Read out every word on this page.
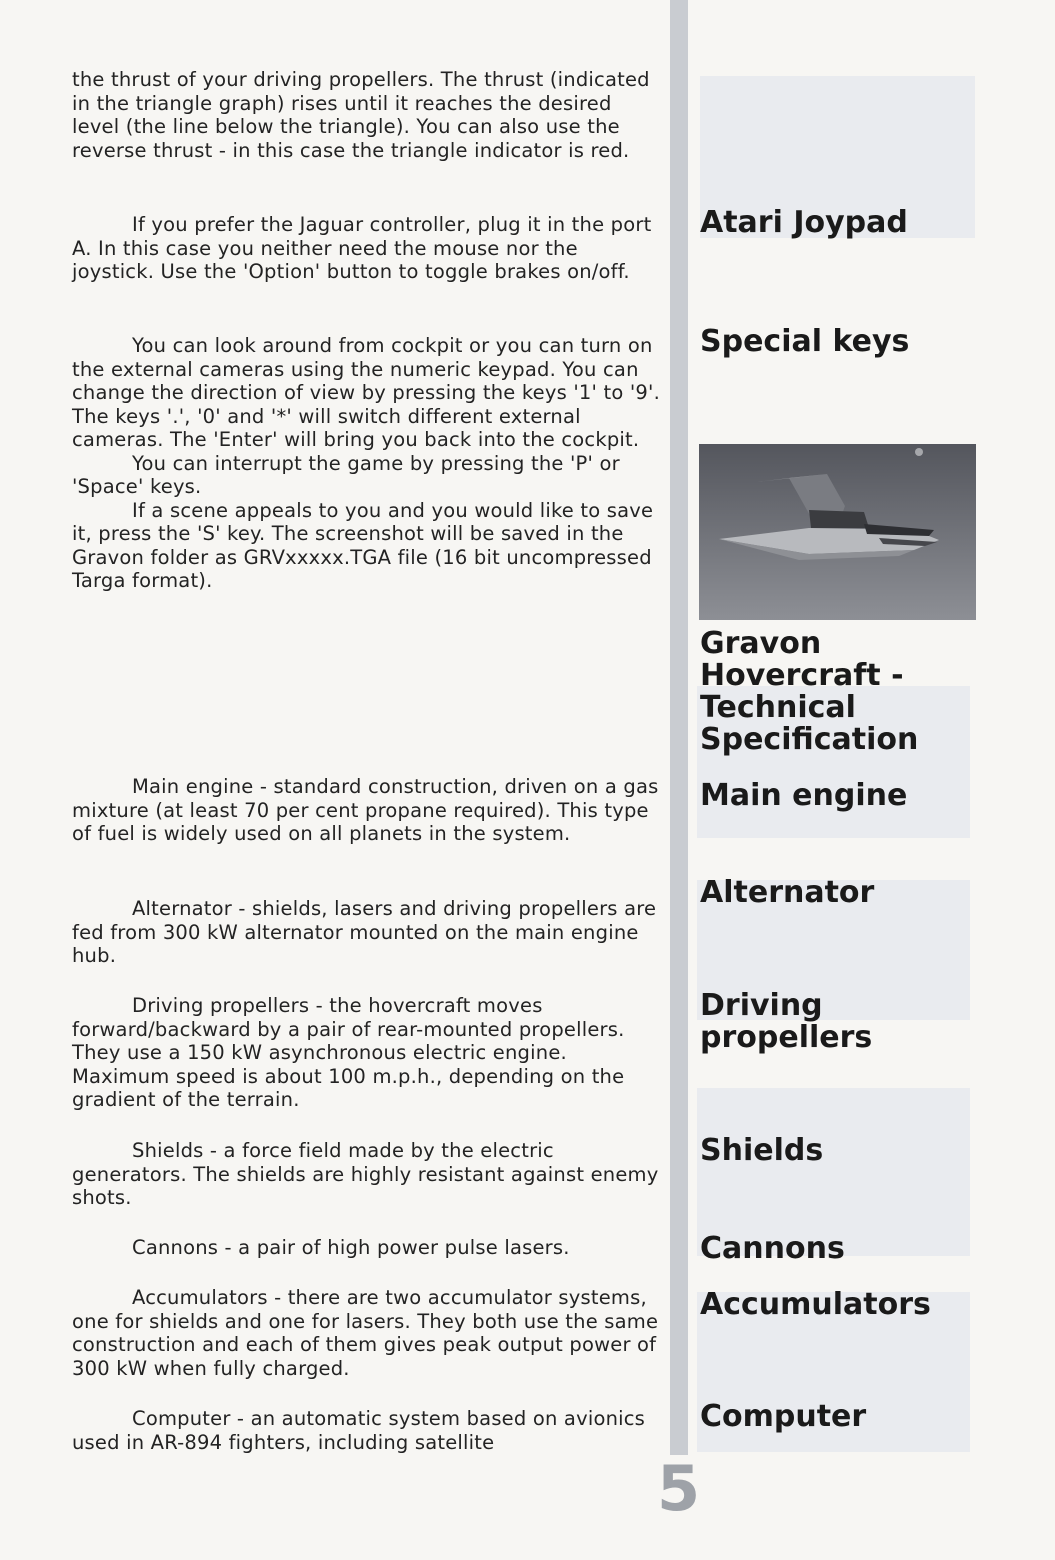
the thrust of your driving propellers. The thrust (indicated in the triangle graph) rises until it reaches the desired level (the line below the triangle). You can also use the reverse thrust - in this case the triangle indicator is red.

If you prefer the Jaguar controller, plug it in the port A. In this case you neither need the mouse nor the joystick. Use the 'Option' button to toggle brakes on/off.

You can look around from cockpit or you can turn on the external cameras using the numeric keypad. You can change the direction of view by pressing the keys '1' to '9'. The keys '.', '0' and '*' will switch different external cameras. The 'Enter' will bring you back into the cockpit.

You can interrupt the game by pressing the 'P' or 'Space' keys.

If a scene appeals to you and you would like to save it, press the 'S' key. The screenshot will be saved in the Gravon folder as GRVxxxxx.TGA file (16 bit uncompressed Targa format).

Main engine - standard construction, driven on a gas mixture (at least 70 per cent propane required). This type of fuel is widely used on all planets in the system.

Alternator - shields, lasers and driving propellers are fed from 300 kW alternator mounted on the main engine hub.

Driving propellers - the hovercraft moves forward/backward by a pair of rear-mounted propellers. They use a 150 kW asynchronous electric engine. Maximum speed is about 100 m.p.h., depending on the gradient of the terrain.

Shields - a force field made by the electric generators. The shields are highly resistant against enemy shots.

Cannons - a pair of high power pulse lasers.

Accumulators - there are two accumulator systems, one for shields and one for lasers. They both use the same construction and each of them gives peak output power of 300 kW when fully charged.

Computer - an automatic system based on avionics used in AR-894 fighters, including satellite

Atari Joypad
Special keys
Gravon Hovercraft - Technical Specification
Main engine
Alternator
Driving propellers
Shields
Cannons
Accumulators
Computer
5
